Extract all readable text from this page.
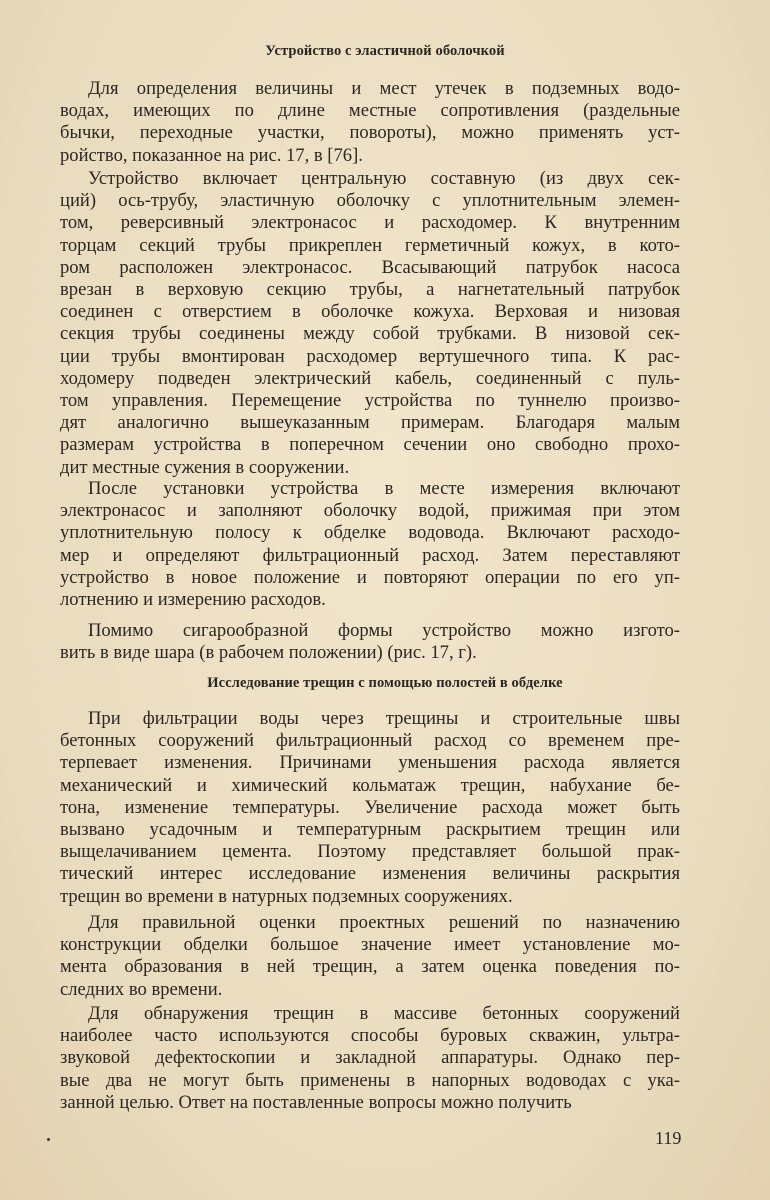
Устройство с эластичной оболочкой
Для определения величины и мест утечек в подземных водо-
водах, имеющих по длине местные сопротивления (раздельные
бычки, переходные участки, повороты), можно применять уст-
ройство, показанное на рис. 17, в [76].
Устройство включает центральную составную (из двух сек-
ций) ось-трубу, эластичную оболочку с уплотнительным элемен-
том, реверсивный электронасос и расходомер. К внутренним
торцам секций трубы прикреплен герметичный кожух, в кото-
ром расположен электронасос. Всасывающий патрубок насоса
врезан в верховую секцию трубы, а нагнетательный патрубок
соединен с отверстием в оболочке кожуха. Верховая и низовая
секция трубы соединены между собой трубками. В низовой сек-
ции трубы вмонтирован расходомер вертушечного типа. К рас-
ходомеру подведен электрический кабель, соединенный с пуль-
том управления. Перемещение устройства по туннелю произво-
дят аналогично вышеуказанным примерам. Благодаря малым
размерам устройства в поперечном сечении оно свободно прохо-
дит местные сужения в сооружении.
После установки устройства в месте измерения включают
электронасос и заполняют оболочку водой, прижимая при этом
уплотнительную полосу к обделке водовода. Включают расходо-
мер и определяют фильтрационный расход. Затем переставляют
устройство в новое положение и повторяют операции по его уп-
лотнению и измерению расходов.
Помимо сигарообразной формы устройство можно изгото-
вить в виде шара (в рабочем положении) (рис. 17, г).
Исследование трещин с помощью полостей в обделке
При фильтрации воды через трещины и строительные швы
бетонных сооружений фильтрационный расход со временем пре-
терпевает изменения. Причинами уменьшения расхода является
механический и химический кольматаж трещин, набухание бе-
тона, изменение температуры. Увеличение расхода может быть
вызвано усадочным и температурным раскрытием трещин или
выщелачиванием цемента. Поэтому представляет большой прак-
тический интерес исследование изменения величины раскрытия
трещин во времени в натурных подземных сооружениях.
Для правильной оценки проектных решений по назначению
конструкции обделки большое значение имеет установление мо-
мента образования в ней трещин, а затем оценка поведения по-
следних во времени.
Для обнаружения трещин в массиве бетонных сооружений
наиболее часто используются способы буровых скважин, ультра-
звуковой дефектоскопии и закладной аппаратуры. Однако пер-
вые два не могут быть применены в напорных водоводах с ука-
занной целью. Ответ на поставленные вопросы можно получить
119
